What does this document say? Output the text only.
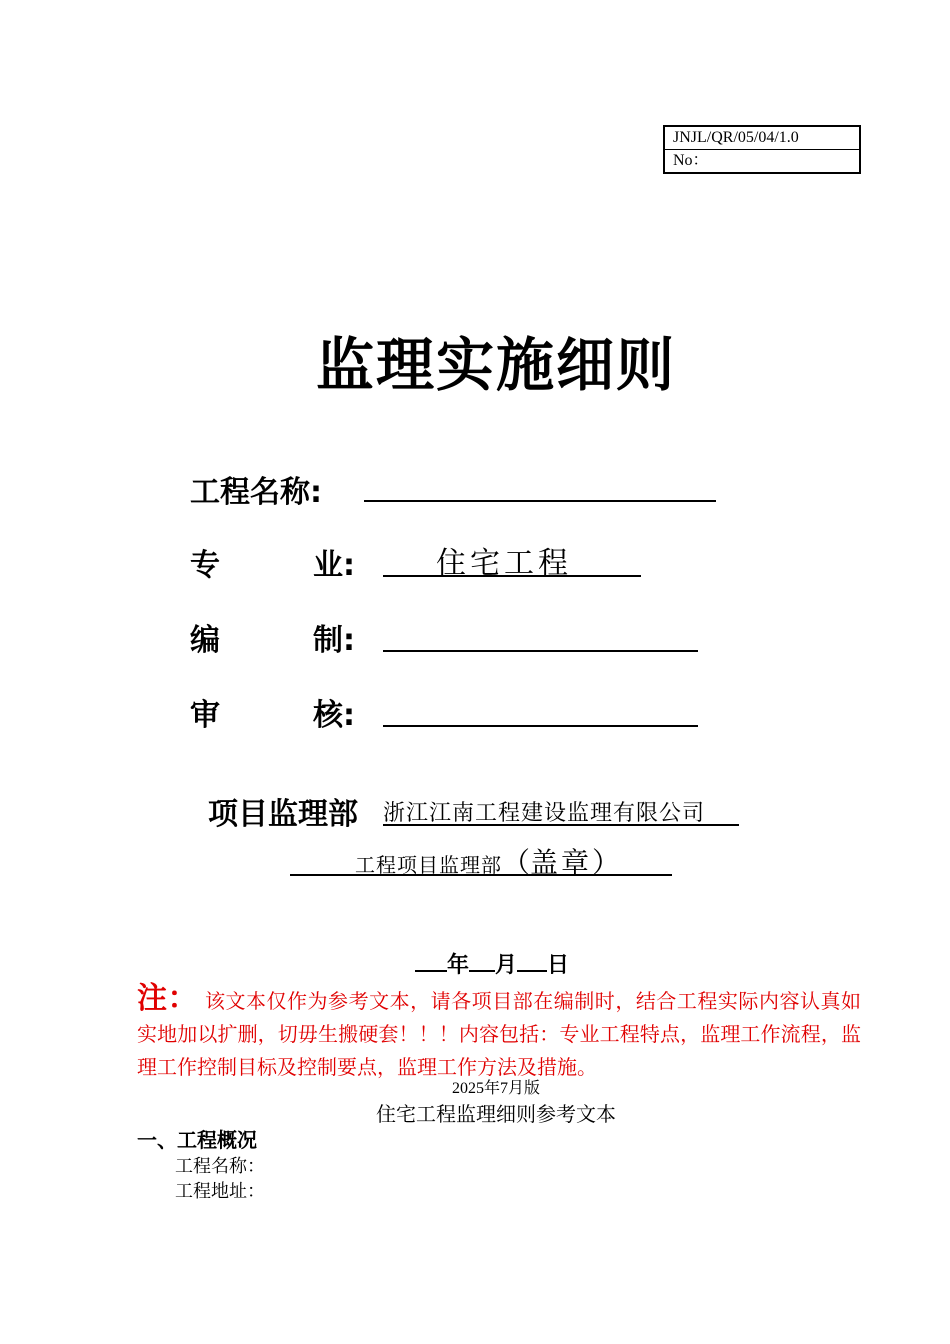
JNJL/QR/05/04/1.0
No：
监理实施细则
工程名称:
专	业:	住宅工程
编	制:
审	核:
项目监理部 浙江江南工程建设监理有限公司
工程项目监理部（盖章）
年 月 日
注： 该文本仅作为参考文本，请各项目部在编制时，结合工程实际内容认真如实地加以扩删，切毋生搬硬套！！！内容包括：专业工程特点，监理工作流程，监理工作控制目标及控制要点，监理工作方法及措施。
2025年7月版
住宅工程监理细则参考文本
一、工程概况
工程名称：
工程地址：
